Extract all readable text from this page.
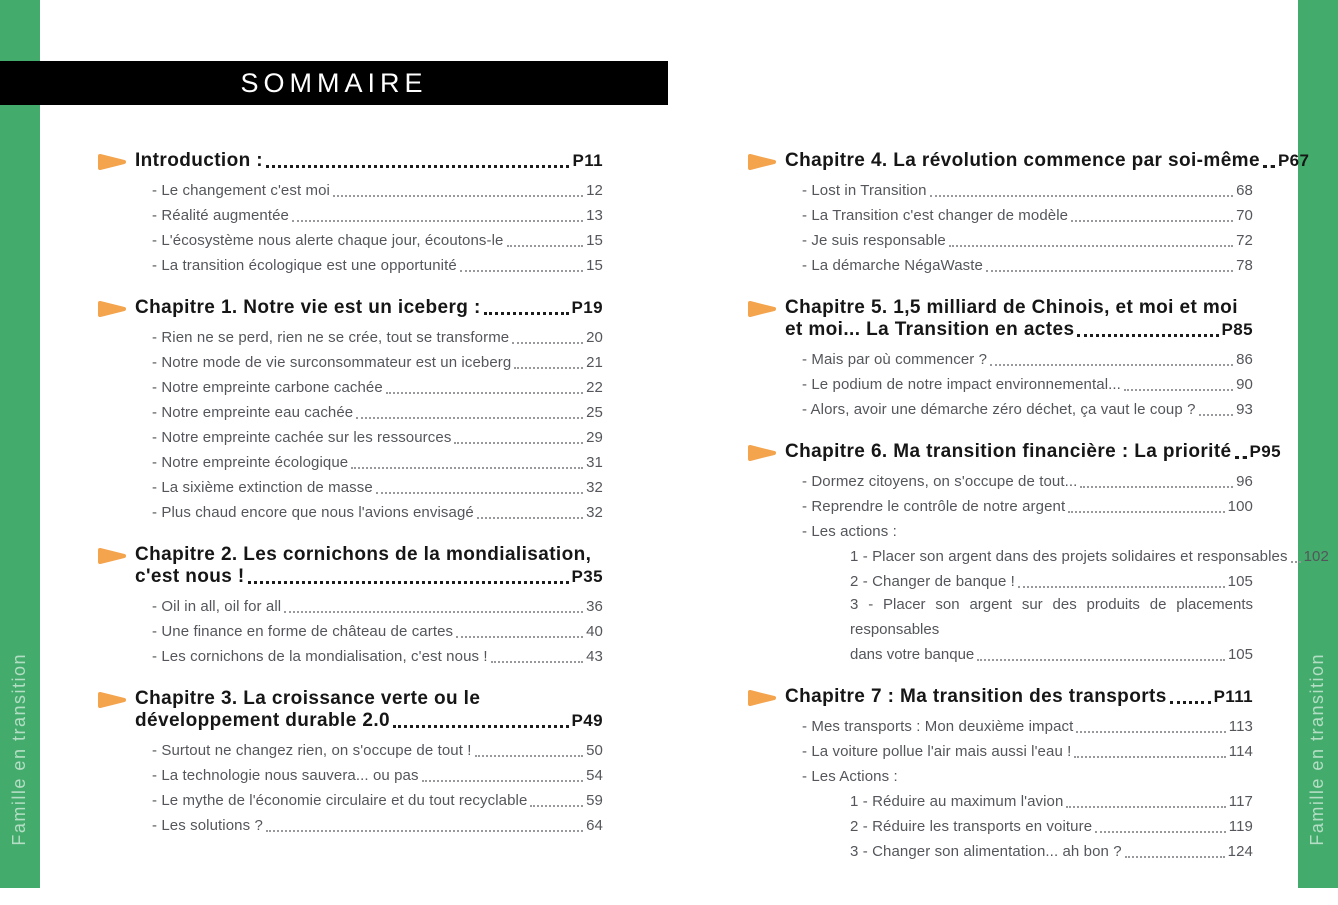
Famille en transition	Famille en transition
SOMMAIRE
Introduction :	P11
- Le changement c'est moi	12
- Réalité augmentée	13
- L'écosystème nous alerte chaque jour, écoutons-le	15
- La transition écologique est une opportunité	15
Chapitre 1. Notre vie est un iceberg :	P19
- Rien ne se perd, rien ne se crée, tout se transforme	20
- Notre mode de vie surconsommateur est un iceberg	21
- Notre empreinte carbone cachée	22
- Notre empreinte eau cachée	25
- Notre empreinte cachée sur les ressources	29
- Notre empreinte écologique	31
- La sixième extinction de masse	32
- Plus chaud encore que nous l'avions envisagé	32
Chapitre 2. Les cornichons de la mondialisation,
c'est nous !	P35
- Oil in all, oil for all	36
- Une finance en forme de château de cartes	40
- Les cornichons de la mondialisation, c'est nous !	43
Chapitre 3. La croissance verte ou le
développement durable 2.0	P49
- Surtout ne changez rien, on s'occupe de tout !	50
- La technologie nous sauvera... ou pas	54
- Le mythe de l'économie circulaire et du tout recyclable	59
- Les solutions ?	64
Chapitre 4. La révolution commence par soi-même P67
- Lost in Transition	68
- La Transition c'est changer de modèle	70
- Je suis responsable	72
- La démarche NégaWaste	78
Chapitre 5. 1,5 milliard de Chinois, et moi et moi
et moi... La Transition en actes	P85
- Mais par où commencer ?	86
- Le podium de notre impact environnemental...	90
- Alors, avoir une démarche zéro déchet, ça vaut le coup ?	93
Chapitre 6. Ma transition financière : La priorité P95
- Dormez citoyens, on s'occupe de tout...	96
- Reprendre le contrôle de notre argent	100
- Les actions :
1 - Placer son argent dans des projets solidaires et responsables 102
2 - Changer de banque !	105
3 - Placer son argent sur des produits de placements responsables
dans votre banque	105
Chapitre 7 : Ma transition des transports	P111
- Mes transports : Mon deuxième impact	113
- La voiture pollue l'air mais aussi l'eau !	114
- Les Actions :
1 - Réduire au maximum l'avion	117
2 - Réduire les transports en voiture	119
3 - Changer son alimentation... ah bon ?	124
